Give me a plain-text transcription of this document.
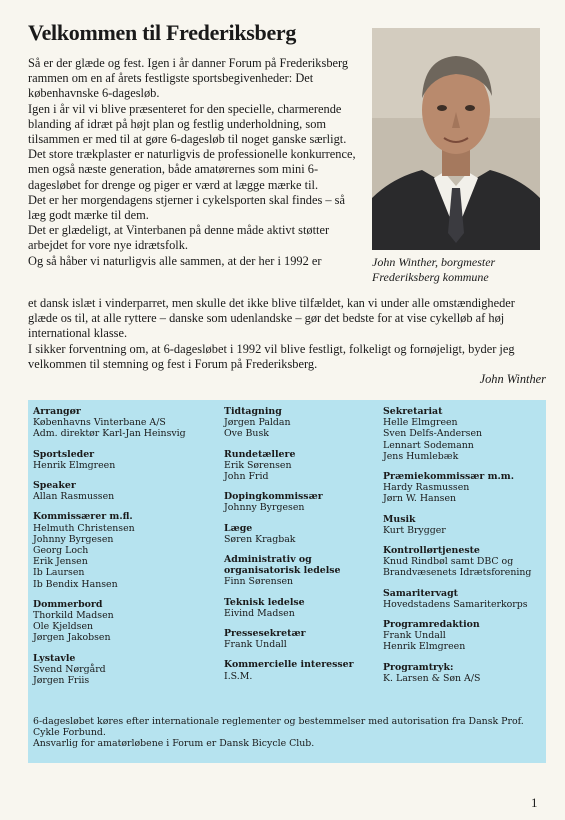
Velkommen til Frederiksberg

Så er der glæde og fest. Igen i år danner Forum på Frederiksberg rammen om en af årets festligste sportsbegivenheder: Det københavnske 6-dagesløb.

Igen i år vil vi blive præsenteret for den specielle, charmerende blanding af idræt på højt plan og festlig underholdning, som tilsammen er med til at gøre 6-dagesløb til noget ganske særligt.

Det store trækplaster er naturligvis de professionelle konkurrence, men også næste generation, både amatørernes som mini 6-dagesløbet for drenge og piger er værd at lægge mærke til.

Det er her morgendagens stjerner i cykelsporten skal findes – så læg godt mærke til dem.

Det er glædeligt, at Vinterbanen på denne måde aktivt støtter arbejdet for vore nye idrætsfolk.

Og så håber vi naturligvis alle sammen, at der her i 1992 er	John Winther, borgmester
Frederiksberg kommune

et dansk islæt i vinderparret, men skulle det ikke blive tilfældet, kan vi under alle omstændigheder glæde os til, at alle ryttere – danske som udenlandske – gør det bedste for at vise cykelløb af høj international klasse.

I sikker forventning om, at 6-dagesløbet i 1992 vil blive festligt, folkeligt og fornøjeligt, byder jeg velkommen til stemning og fest i Forum på Frederiksberg.

John Winther

Arrangør
Københavns Vinterbane A/S
Adm. direktør Karl-Jan Heinsvig
Sportsleder
Henrik Elmgreen
Speaker
Allan Rasmussen
Kommissærer m.fl.
Helmuth Christensen
Johnny Byrgesen
Georg Loch
Erik Jensen
Ib Laursen
Ib Bendix Hansen
Dommerbord
Thorkild Madsen
Ole Kjeldsen
Jørgen Jakobsen
Lystavle
Svend Nørgård
Jørgen Friis
Tidtagning
Jørgen Paldan
Ove Busk
Rundetællere
Erik Sørensen
John Frid
Dopingkommissær
Johnny Byrgesen
Læge
Søren Kragbak
Administrativ og organisatorisk ledelse
Finn Sørensen
Teknisk ledelse
Eivind Madsen
Pressesekretær
Frank Undall
Kommercielle interesser
I.S.M.
Sekretariat
Helle Elmgreen
Sven Delfs-Andersen
Lennart Sodemann
Jens Humlebæk
Præmiekommissær m.m.
Hardy Rasmussen
Jørn W. Hansen
Musik
Kurt Brygger
Kontrollørtjeneste
Knud Rindbøl samt DBC og
Brandvæsenets Idrætsforening
Samaritervagt
Hovedstadens Samariterkorps
Programredaktion
Frank Undall
Henrik Elmgreen
Programtryk:
K. Larsen & Søn A/S
6-dagesløbet køres efter internationale reglementer og bestemmelser med autorisation fra Dansk Prof. Cykle Forbund.
Ansvarlig for amatørløbene i Forum er Dansk Bicycle Club.
1
